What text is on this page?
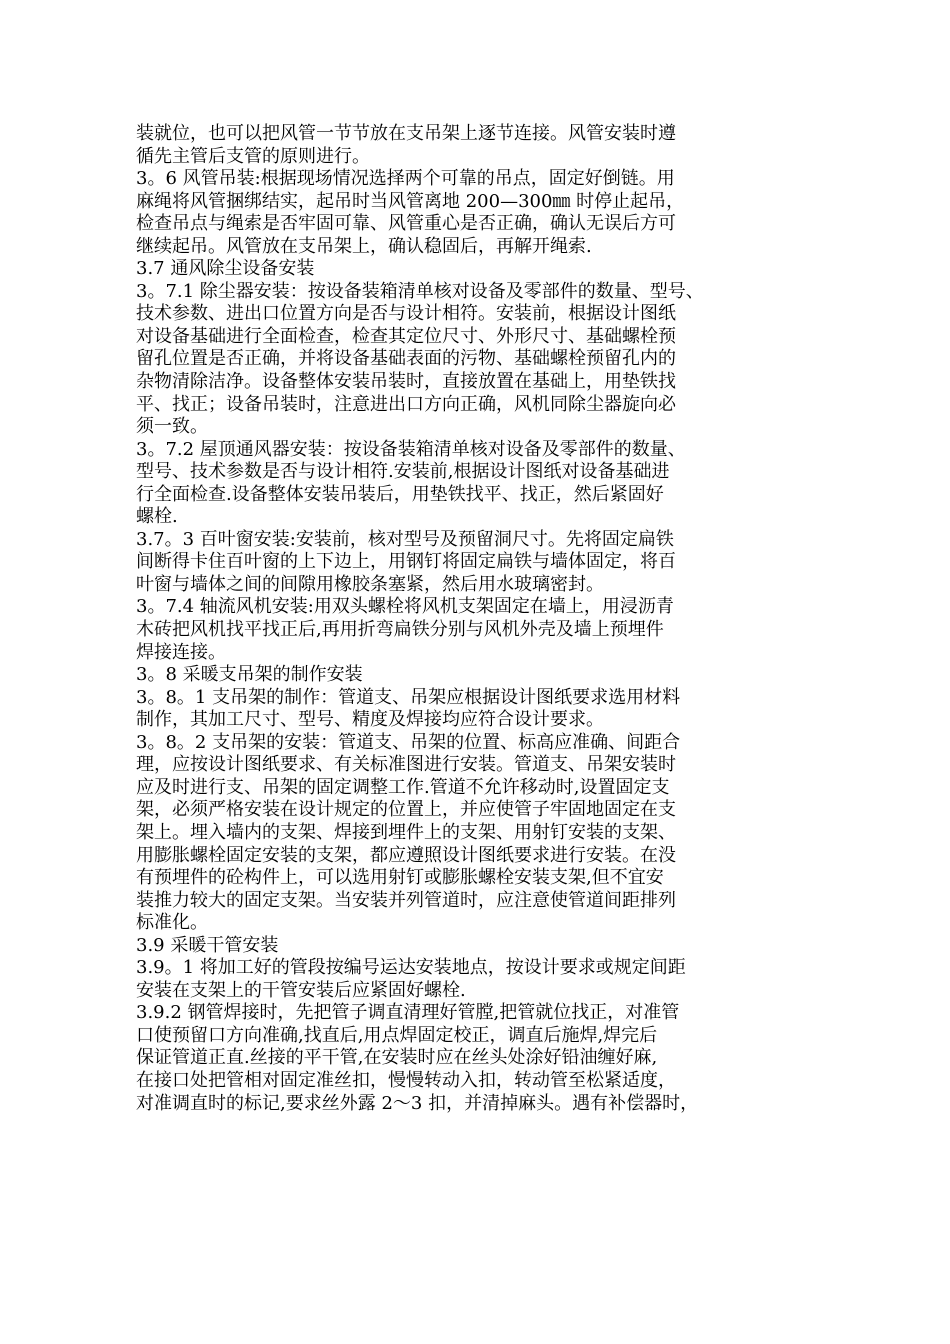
装就位，也可以把风管一节节放在支吊架上逐节连接。风管安装时遵
循先主管后支管的原则进行。
3。6 风管吊装:根据现场情况选择两个可靠的吊点，固定好倒链。用
麻绳将风管捆绑结实，起吊时当风管离地 200—300㎜ 时停止起吊，
检查吊点与绳索是否牢固可靠、风管重心是否正确，确认无误后方可
继续起吊。风管放在支吊架上，确认稳固后，再解开绳索.
3.7 通风除尘设备安装
3。7.1 除尘器安装：按设备装箱清单核对设备及零部件的数量、型号、
技术参数、进出口位置方向是否与设计相符。安装前，根据设计图纸
对设备基础进行全面检查，检查其定位尺寸、外形尺寸、基础螺栓预
留孔位置是否正确，并将设备基础表面的污物、基础螺栓预留孔内的
杂物清除洁净。设备整体安装吊装时，直接放置在基础上，用垫铁找
平、找正；设备吊装时，注意进出口方向正确，风机同除尘器旋向必
须一致。
3。7.2 屋顶通风器安装：按设备装箱清单核对设备及零部件的数量、
型号、技术参数是否与设计相符.安装前,根据设计图纸对设备基础进
行全面检查.设备整体安装吊装后，用垫铁找平、找正，然后紧固好
螺栓.
3.7。3 百叶窗安装:安装前，核对型号及预留洞尺寸。先将固定扁铁
间断得卡住百叶窗的上下边上，用钢钉将固定扁铁与墙体固定，将百
叶窗与墙体之间的间隙用橡胶条塞紧，然后用水玻璃密封。
3。7.4 轴流风机安装:用双头螺栓将风机支架固定在墙上，用浸沥青
木砖把风机找平找正后,再用折弯扁铁分别与风机外壳及墙上预埋件
焊接连接。
3。8 采暖支吊架的制作安装
3。8。1 支吊架的制作：管道支、吊架应根据设计图纸要求选用材料
制作，其加工尺寸、型号、精度及焊接均应符合设计要求。
3。8。2 支吊架的安装：管道支、吊架的位置、标高应准确、间距合
理，应按设计图纸要求、有关标准图进行安装。管道支、吊架安装时
应及时进行支、吊架的固定调整工作.管道不允许移动时,设置固定支
架，必须严格安装在设计规定的位置上，并应使管子牢固地固定在支
架上。埋入墙内的支架、焊接到埋件上的支架、用射钉安装的支架、
用膨胀螺栓固定安装的支架，都应遵照设计图纸要求进行安装。在没
有预埋件的砼构件上，可以选用射钉或膨胀螺栓安装支架,但不宜安
装推力较大的固定支架。当安装并列管道时，应注意使管道间距排列
标准化。
3.9 采暖干管安装
3.9。1 将加工好的管段按编号运达安装地点，按设计要求或规定间距
安装在支架上的干管安装后应紧固好螺栓.
3.9.2 钢管焊接时，先把管子调直清理好管膛,把管就位找正，对准管
口使预留口方向准确,找直后,用点焊固定校正，调直后施焊,焊完后
保证管道正直.丝接的平干管,在安装时应在丝头处涂好铅油缠好麻,
在接口处把管相对固定准丝扣，慢慢转动入扣，转动管至松紧适度，
对准调直时的标记,要求丝外露 2～3 扣，并清掉麻头。遇有补偿器时，
